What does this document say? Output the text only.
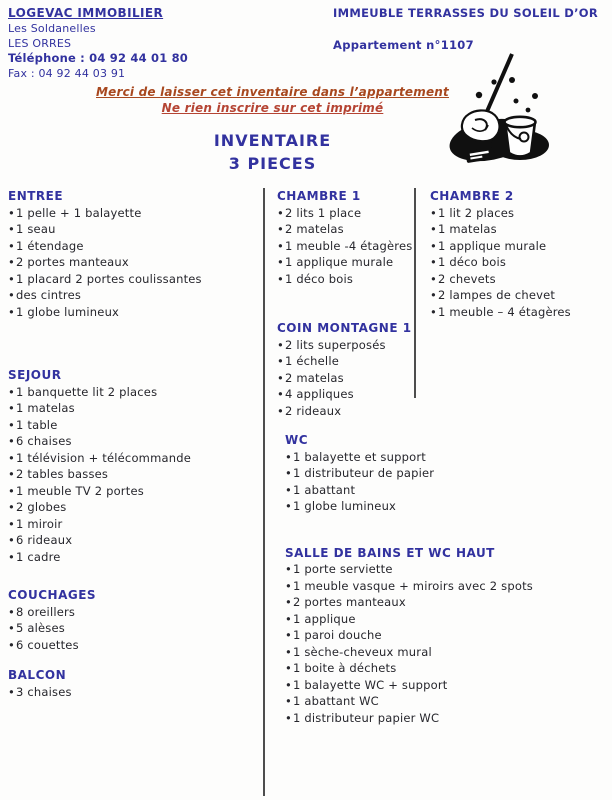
LOGEVAC IMMOBILIER
Les Soldanelles
LES ORRES
Téléphone : 04 92 44 01 80
Fax : 04 92 44 03 91
IMMEUBLE TERRASSES DU SOLEIL D’OR
Appartement n°1107
Merci de laisser cet inventaire dans l’appartement
Ne rien inscrire sur cet imprimé
INVENTAIRE
3 PIECES
ENTREE
•1 pelle + 1 balayette
•1 seau
•1 étendage
•2 portes manteaux
•1 placard 2 portes coulissantes
•des cintres
•1 globe lumineux
SEJOUR
•1 banquette lit 2 places
•1 matelas
•1 table
•6 chaises
•1 télévision + télécommande
•2 tables basses
•1 meuble TV 2 portes
•2 globes
•1 miroir
•6 rideaux
•1 cadre
COUCHAGES
•8 oreillers
•5 alèses
•6 couettes
BALCON
•3 chaises
CHAMBRE 1
•2 lits 1 place
•2 matelas
•1 meuble -4 étagères
•1 applique murale
•1 déco bois
COIN MONTAGNE 1
•2 lits superposés
•1 échelle
•2 matelas
•4 appliques
•2 rideaux
WC
•1 balayette et support
•1 distributeur de papier
•1 abattant
•1 globe lumineux
SALLE DE BAINS ET WC HAUT
•1 porte serviette
•1 meuble vasque + miroirs avec 2 spots
•2 portes manteaux
•1 applique
•1 paroi douche
•1 sèche-cheveux mural
•1 boite à déchets
•1 balayette WC + support
•1 abattant WC
•1 distributeur papier WC
CHAMBRE 2
•1 lit 2 places
•1 matelas
•1 applique murale
•1 déco bois
•2 chevets
•2 lampes de chevet
•1 meuble – 4 étagères
